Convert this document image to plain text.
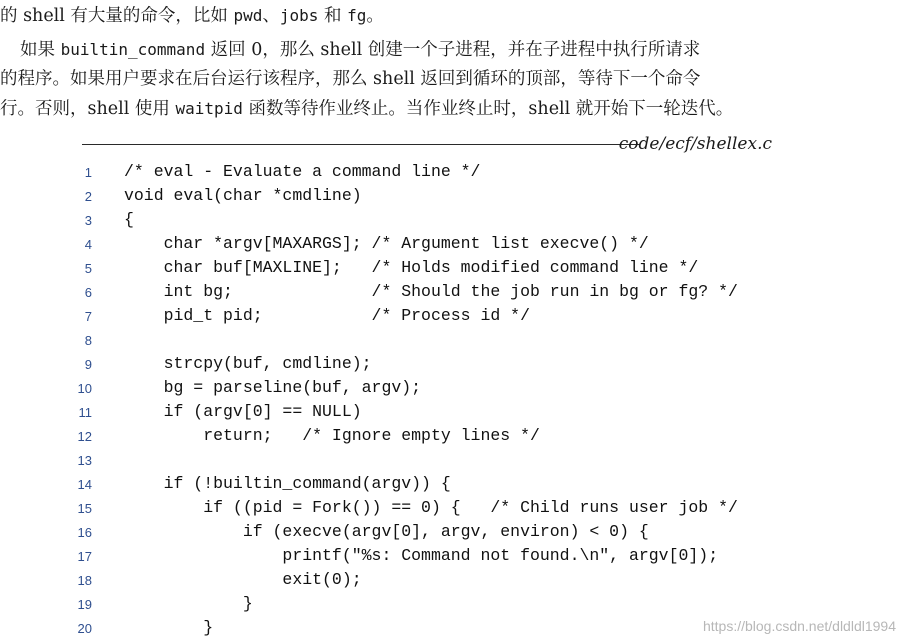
的 shell 有大量的命令，比如 pwd、jobs 和 fg。
如果 builtin_command 返回 0，那么 shell 创建一个子进程，并在子进程中执行所请求
的程序。如果用户要求在后台运行该程序，那么 shell 返回到循环的顶部，等待下一个命令
行。否则，shell 使用 waitpid 函数等待作业终止。当作业终止时，shell 就开始下一轮迭代。
code/ecf/shellex.c
1 /* eval - Evaluate a command line */
2 void eval(char *cmdline)
3 {
4 char *argv[MAXARGS]; /* Argument list execve() */
5 char buf[MAXLINE];   /* Holds modified command line */
6 int bg;              /* Should the job run in bg or fg? */
7 pid_t pid;           /* Process id */
8
9 strcpy(buf, cmdline);
10 bg = parseline(buf, argv);
11 if (argv[0] == NULL)
12 return;   /* Ignore empty lines */
13
14 if (!builtin_command(argv)) {
15 if ((pid = Fork()) == 0) {   /* Child runs user job */
16 if (execve(argv[0], argv, environ) < 0) {
17 printf("%s: Command not found.\n", argv[0]);
18 exit(0);
19 }
20 }	https://blog.csdn.net/dldldl1994
